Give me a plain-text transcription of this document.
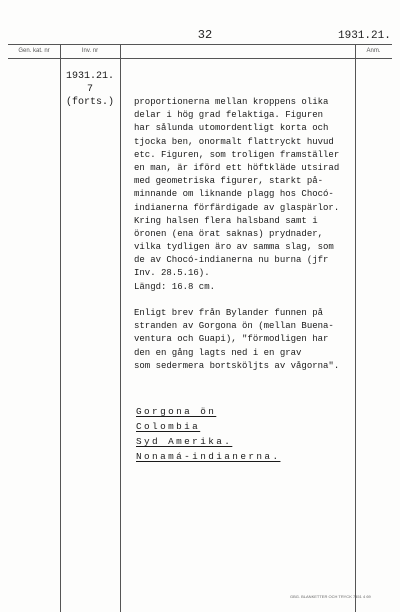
32	1931.21.
Gen. kat. nr	Inv. nr	Anm.
1931.21.
7
(forts.)	proportionerna mellan kroppens olika
delar i hög grad felaktiga. Figuren
har sålunda utomordentligt korta och
tjocka ben, onormalt flattryckt huvud
etc. Figuren, som troligen framställer
en man, är iförd ett höftkläde utsirad
med geometriska figurer, starkt på-
minnande om liknande plagg hos Chocó-
indianerna förfärdigade av glaspärlor.
Kring halsen flera halsband samt i
öronen (ena örat saknas) prydnader,
vilka tydligen äro av samma slag, som
de av Chocó-indianerna nu burna (jfr
Inv. 28.5.16).
Längd: 16.8 cm.
Enligt brev från Bylander funnen på
stranden av Gorgona ön (mellan Buena-
ventura och Guapi), "förmodligen har
den en gång lagts ned i en grav
som sedermera bortsköljts av vågorna".
Gorgona ön
Colombia
Syd Amerika.
Nonamá-indianerna.
GBG. BLANKETTER OCH TRYCK 7451 4 69
